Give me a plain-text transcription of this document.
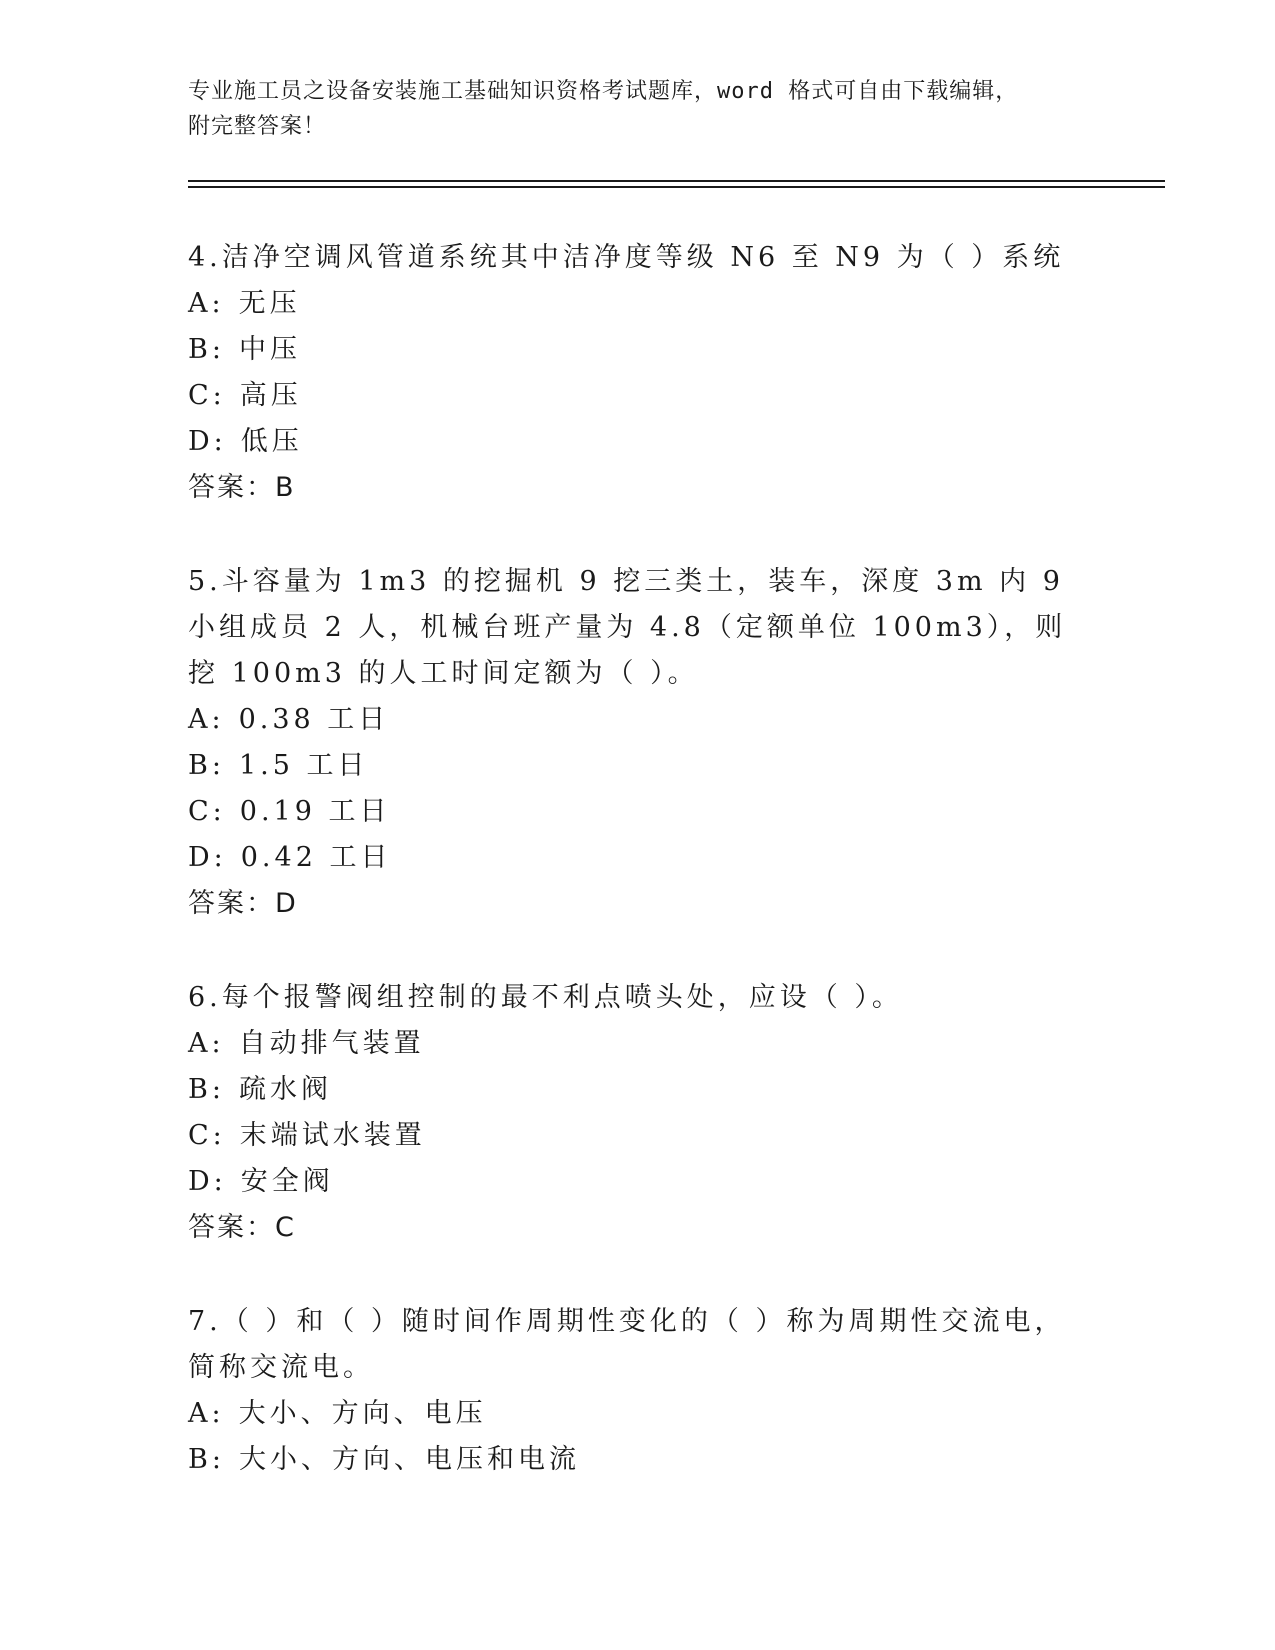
专业施工员之设备安装施工基础知识资格考试题库，word 格式可自由下载编辑，
附完整答案！
4.洁净空调风管道系统其中洁净度等级 N6 至 N9 为（ ）系统
A: 无压
B: 中压
C: 高压
D: 低压
答案：B
5.斗容量为 1m3 的挖掘机 9 挖三类土，装车，深度 3m 内 9 小组成员 2 人，机械台班产量为 4.8（定额单位 100m3），则挖 100m3 的人工时间定额为（ ）。
A: 0.38 工日
B: 1.5 工日
C: 0.19 工日
D: 0.42 工日
答案：D
6.每个报警阀组控制的最不利点喷头处，应设（ ）。
A: 自动排气装置
B: 疏水阀
C: 末端试水装置
D: 安全阀
答案：C
7.（ ）和（ ）随时间作周期性变化的（ ）称为周期性交流电，简称交流电。
A: 大小、方向、电压
B: 大小、方向、电压和电流
